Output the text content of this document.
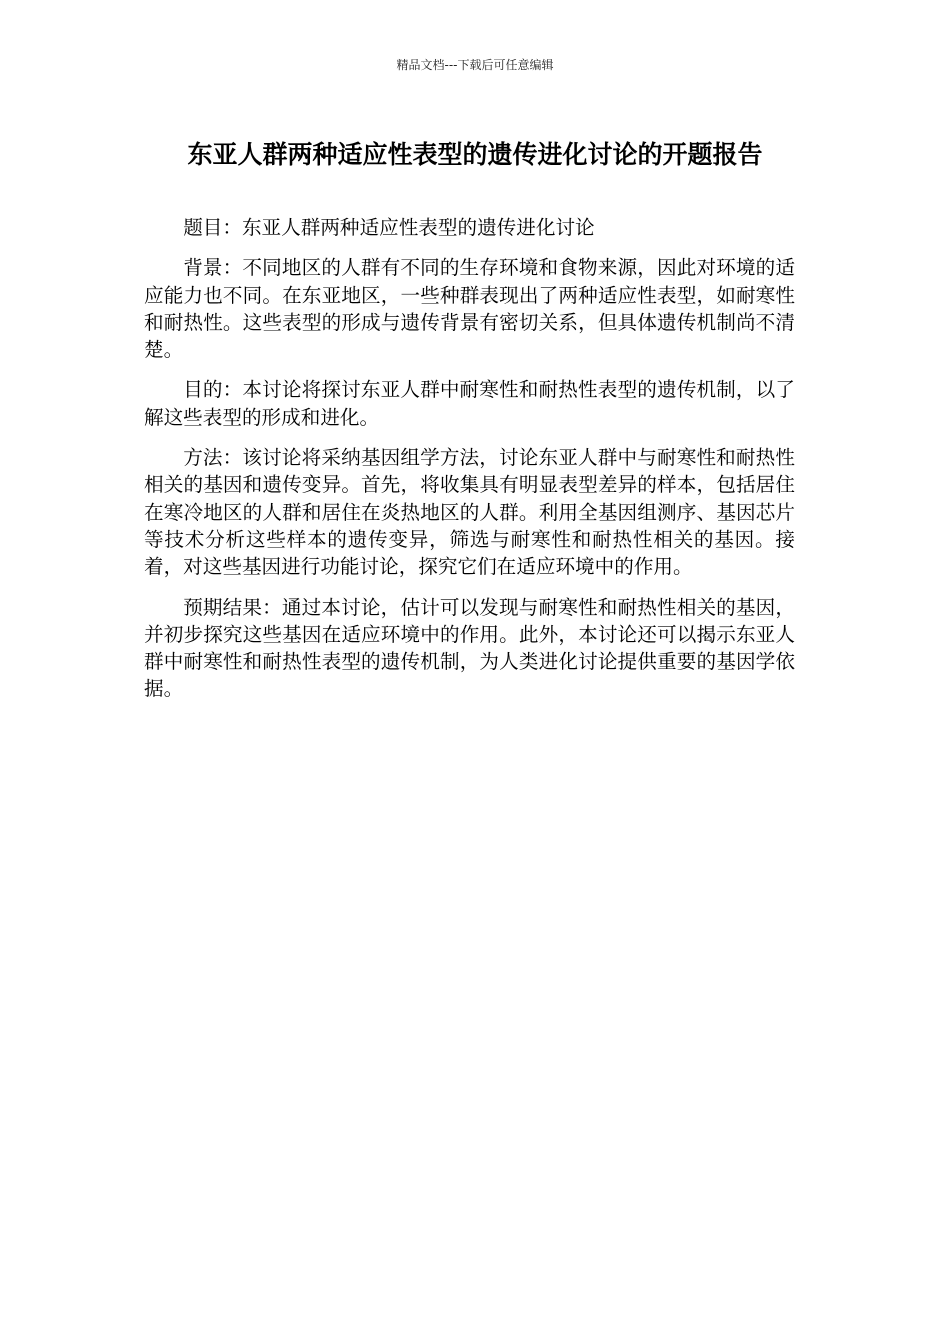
精品文档---下载后可任意编辑
东亚人群两种适应性表型的遗传进化讨论的开题报告

题目：东亚人群两种适应性表型的遗传进化讨论

背景：不同地区的人群有不同的生存环境和食物来源，因此对环境的适应能力也不同。在东亚地区，一些种群表现出了两种适应性表型，如耐寒性和耐热性。这些表型的形成与遗传背景有密切关系，但具体遗传机制尚不清楚。

目的：本讨论将探讨东亚人群中耐寒性和耐热性表型的遗传机制，以了解这些表型的形成和进化。

方法：该讨论将采纳基因组学方法，讨论东亚人群中与耐寒性和耐热性相关的基因和遗传变异。首先，将收集具有明显表型差异的样本，包括居住在寒冷地区的人群和居住在炎热地区的人群。利用全基因组测序、基因芯片等技术分析这些样本的遗传变异，筛选与耐寒性和耐热性相关的基因。接着，对这些基因进行功能讨论，探究它们在适应环境中的作用。

预期结果：通过本讨论，估计可以发现与耐寒性和耐热性相关的基因，并初步探究这些基因在适应环境中的作用。此外，本讨论还可以揭示东亚人群中耐寒性和耐热性表型的遗传机制，为人类进化讨论提供重要的基因学依据。
